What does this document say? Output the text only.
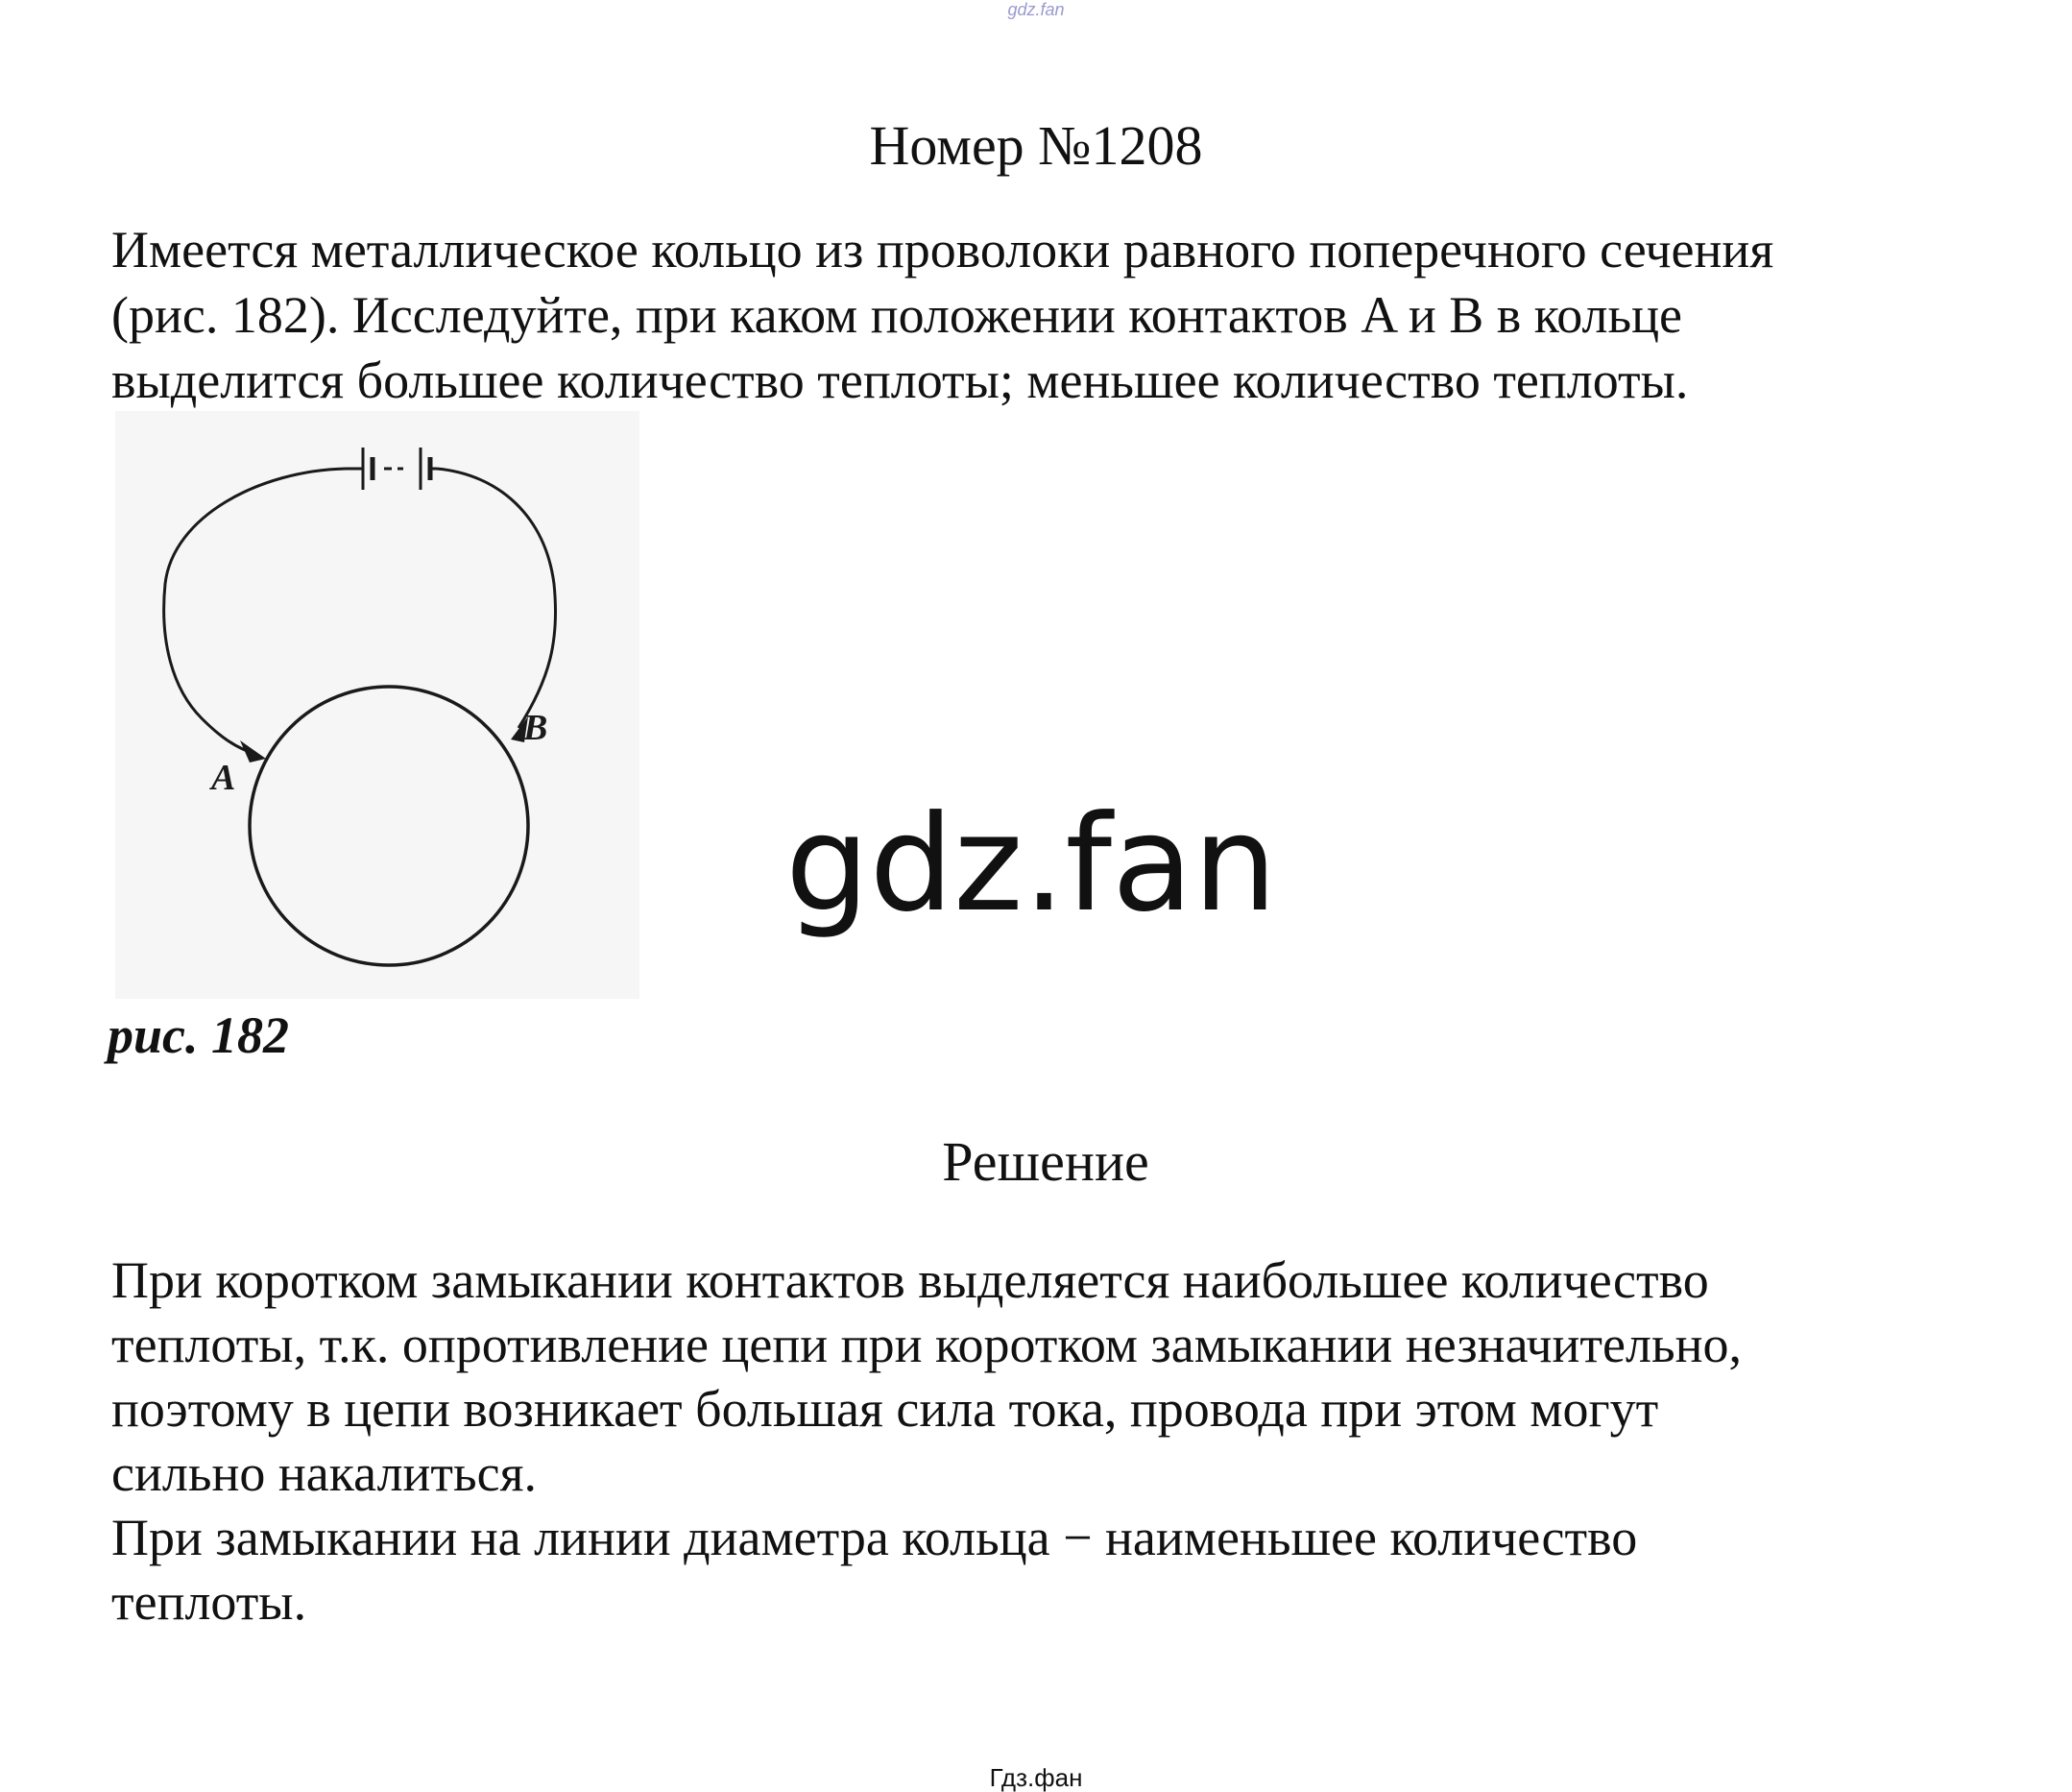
gdz.fan
Номер №1208

Имеется металлическое кольцо из проволоки равного поперечного сечения
(рис. 182). Исследуйте, при каком положении контактов A и B в кольце
выделится большее количество теплоты; меньшее количество теплоты.

A
B
рис. 182
gdz.fan
Решение

При коротком замыкании контактов выделяется наибольшее количество
теплоты, т.к. опротивление цепи при коротком замыкании незначительно,
поэтому в цепи возникает большая сила тока, провода при этом могут
сильно накалиться.
При замыкании на линии диаметра кольца − наименьшее количество
теплоты.

Гдз.фан
